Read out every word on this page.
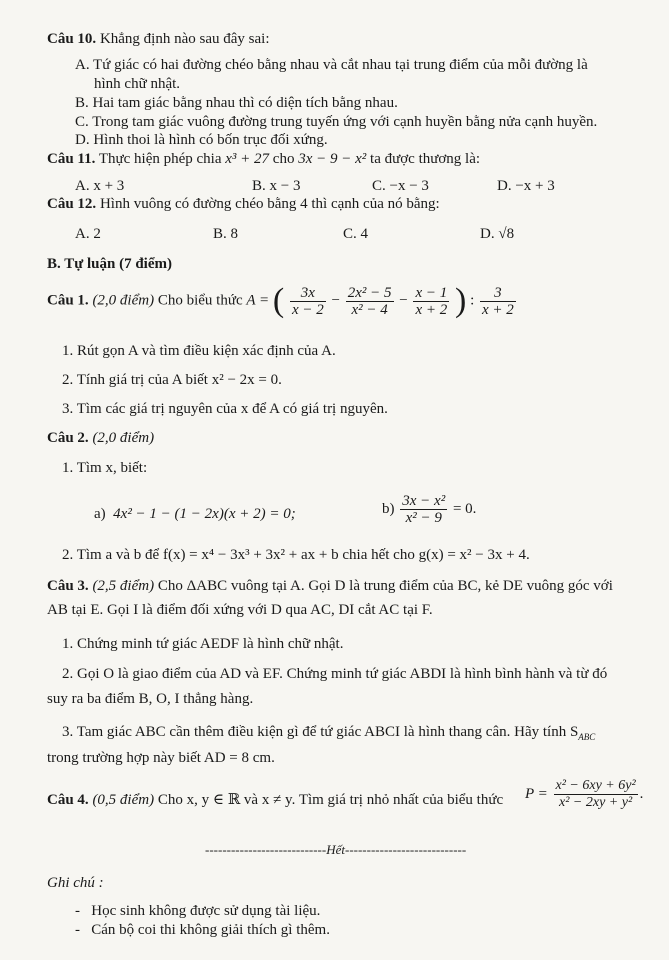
Câu 10. Khẳng định nào sau đây sai:
A. Tứ giác có hai đường chéo bằng nhau và cắt nhau tại trung điểm của mỗi đường là
hình chữ nhật.
B. Hai tam giác bằng nhau thì có diện tích bằng nhau.
C. Trong tam giác vuông đường trung tuyến ứng với cạnh huyền bằng nửa cạnh huyền.
D. Hình thoi là hình có bốn trục đối xứng.
Câu 11. Thực hiện phép chia x³ + 27 cho 3x − 9 − x² ta được thương là:
A. x + 3	B. x − 3	C. −x − 3	D. −x + 3
Câu 12. Hình vuông có đường chéo bằng 4 thì cạnh của nó bằng:
A. 2	B. 8	C. 4	D. √8
B. Tự luận (7 điểm)
Câu 1. (2,0 điểm) Cho biểu thức A = ( $\frac{3x}{x - 2} - \frac{\text{2x² − 5}}{\text{x² − 4}} - \frac{x - 1}{x + 2}$ ) : $\frac{3}{x + 2}$
1. Rút gọn A và tìm điều kiện xác định của A.
2. Tính giá trị của A biết x² − 2x = 0.
3. Tìm các giá trị nguyên của x để A có giá trị nguyên.
Câu 2. (2,0 điểm)
1. Tìm x, biết:
a) 4x² − 1 − (1 − 2x)(x + 2) = 0;	$b) \frac{\text{3x − x²}}{\text{x² − 9}} = 0$.
2. Tìm a và b để f(x) = x⁴ − 3x³ + 3x² + ax + b chia hết cho g(x) = x² − 3x + 4.
Câu 3. (2,5 điểm) Cho ΔABC vuông tại A. Gọi D là trung điểm của BC, kẻ DE vuông góc với
AB tại E. Gọi I là điểm đối xứng với D qua AC, DI cắt AC tại F.
1. Chứng minh tứ giác AEDF là hình chữ nhật.
2. Gọi O là giao điểm của AD và EF. Chứng minh tứ giác ABDI là hình bình hành và từ đó
suy ra ba điểm B, O, I thẳng hàng.
3. Tam giác ABC cần thêm điều kiện gì để tứ giác ABCI là hình thang cân. Hãy tính $S_{ABC}$
trong trường hợp này biết AD = 8 cm.
Câu 4. (0,5 điểm) Cho x, y ∈ ℝ và x ≠ y. Tìm giá trị nhỏ nhất của biểu thức $P = \frac{\text{x² − 6xy + 6y²}}{\text{x² − 2xy + y²}}$ .
----------------------------Hết----------------------------
Ghi chú :
-   Học sinh không được sử dụng tài liệu.
-   Cán bộ coi thi không giải thích gì thêm.
